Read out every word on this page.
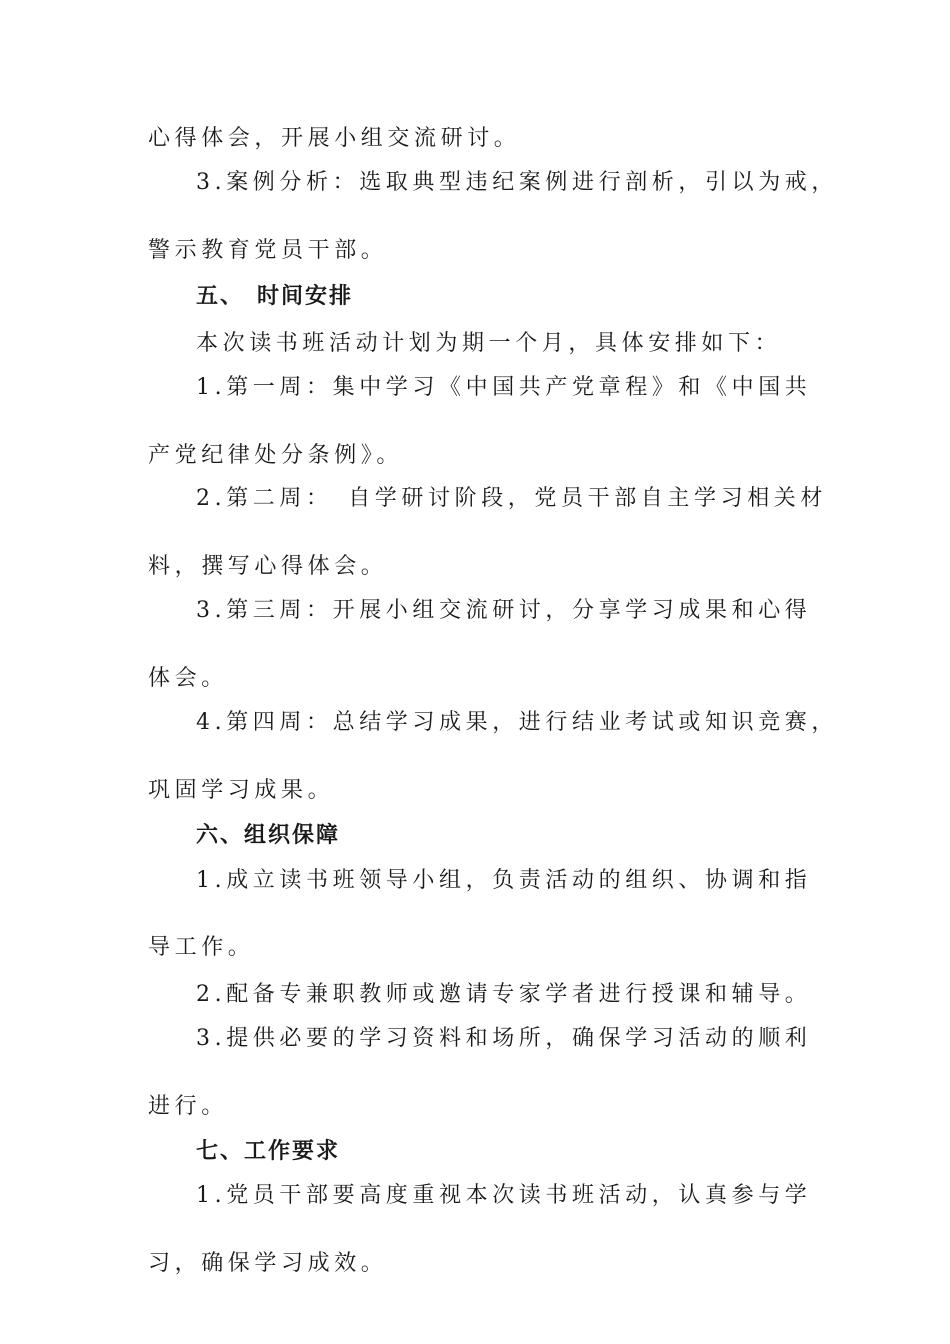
心得体会，开展小组交流研讨。
3.案例分析：选取典型违纪案例进行剖析，引以为戒，
警示教育党员干部。
五、　时间安排
本次读书班活动计划为期一个月，具体安排如下：
1.第一周：集中学习《中国共产党章程》和《中国共
产党纪律处分条例》。
2.第二周：　自学研讨阶段，党员干部自主学习相关材
料，撰写心得体会。
3.第三周：开展小组交流研讨，分享学习成果和心得
体会。
4.第四周：总结学习成果，进行结业考试或知识竞赛，
巩固学习成果。
六、组织保障
1.成立读书班领导小组，负责活动的组织、协调和指
导工作。
2.配备专兼职教师或邀请专家学者进行授课和辅导。
3.提供必要的学习资料和场所，确保学习活动的顺利
进行。
七、工作要求
1.党员干部要高度重视本次读书班活动，认真参与学
习，确保学习成效。
